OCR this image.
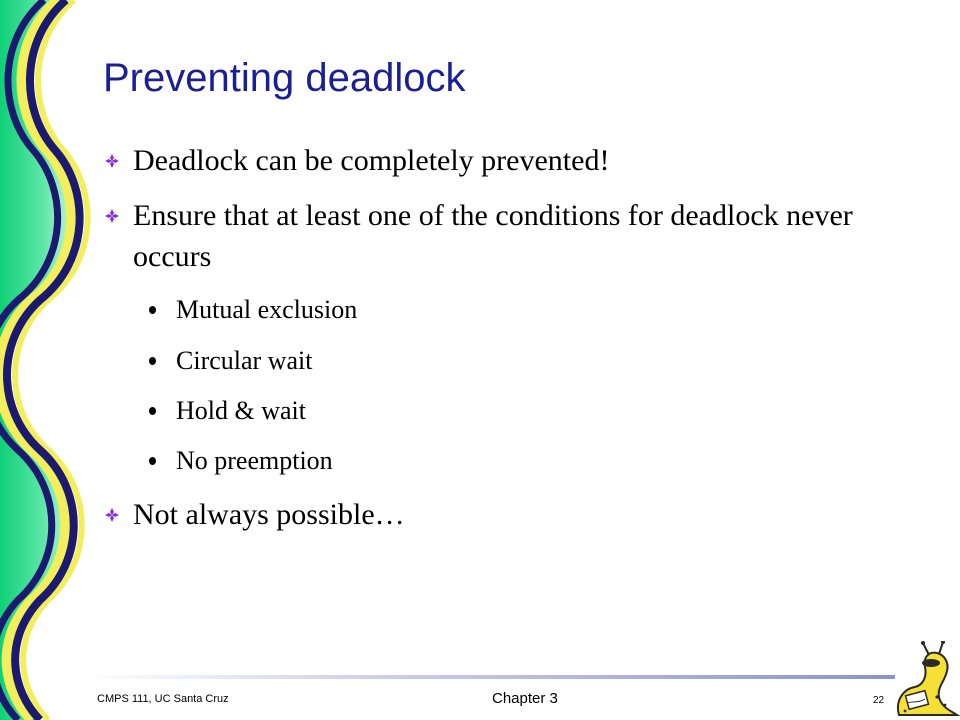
Preventing deadlock
Deadlock can be completely prevented!
Ensure that at least one of the conditions for deadlock never occurs
Mutual exclusion
Circular wait
Hold & wait
No preemption
Not always possible…
CMPS 111, UC Santa Cruz	Chapter 3	22
